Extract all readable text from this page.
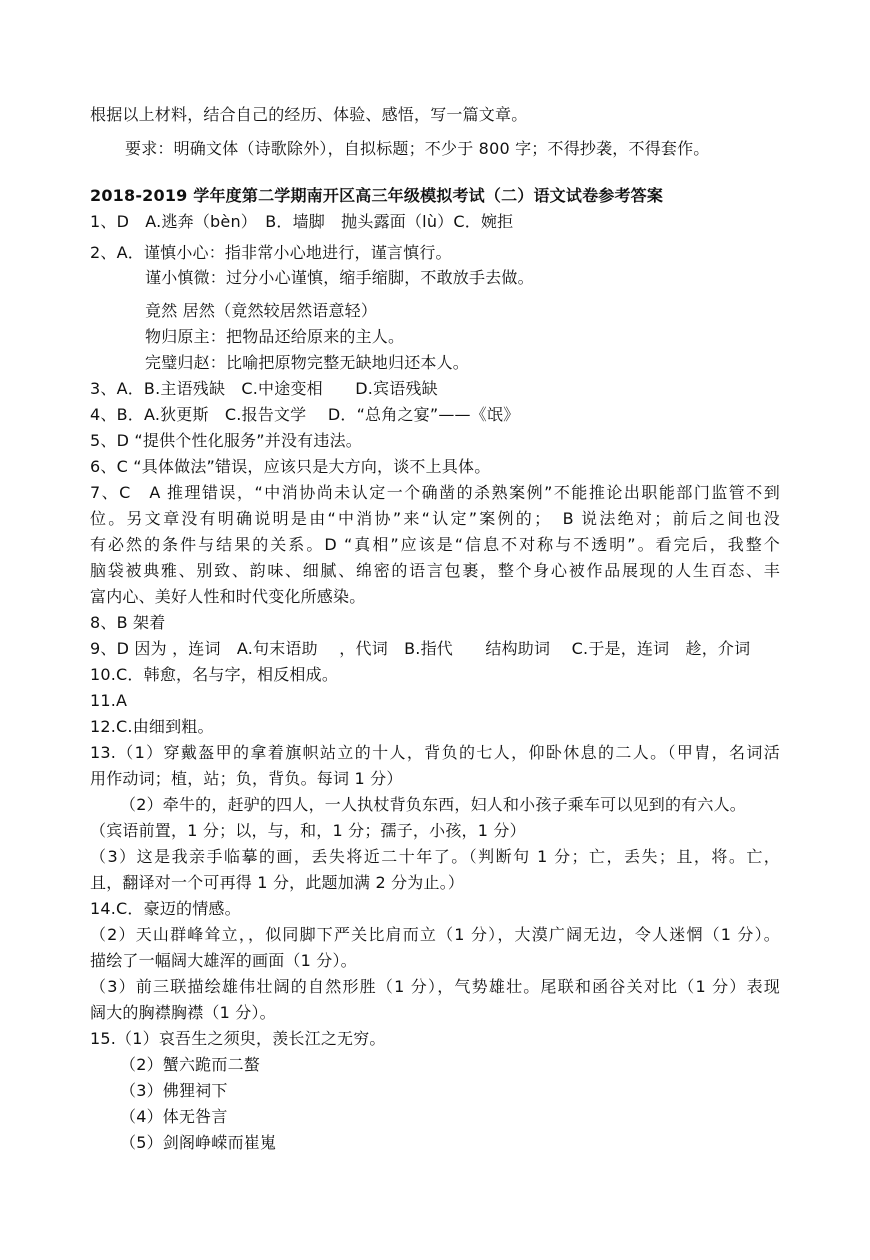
根据以上材料，结合自己的经历、体验、感悟，写一篇文章。
要求：明确文体（诗歌除外），自拟标题；不少于 800 字；不得抄袭，不得套作。
2018-2019 学年度第二学期南开区高三年级模拟考试（二）语文试卷参考答案
1、D　A.逃奔（bèn）　B．墙脚　抛头露面（lù）C．婉拒
2、A．谨慎小心：指非常小心地进行，谨言慎行。
谨小慎微：过分小心谨慎，缩手缩脚，不敢放手去做。
竟然 居然（竟然较居然语意轻）
物归原主：把物品还给原来的主人。
完璧归赵：比喻把原物完整无缺地归还本人。
3、A．B.主语残缺　C.中途变相　　D.宾语残缺
4、B．A.狄更斯　C.报告文学　 D．“总角之宴”——《氓》
5、D “提供个性化服务”并没有违法。
6、C “具体做法”错误，应该只是大方向，谈不上具体。
7、C　A 推理错误，“中消协尚未认定一个确凿的杀熟案例”不能推论出职能部门监管不到
位。另文章没有明确说明是由“中消协”来“认定”案例的；　B 说法绝对；前后之间也没
有必然的条件与结果的关系。D “真相”应该是“信息不对称与不透明”。看完后，我整个
脑袋被典雅、别致、韵味、细腻、绵密的语言包裹，整个身心被作品展现的人生百态、丰
富内心、美好人性和时代变化所感染。
8、B 架着
9、D 因为 ，连词　A.句末语助　 ，代词　B.指代　　结构助词　 C.于是，连词　趁，介词
10.C．韩愈，名与字，相反相成。
11.A
12.C.由细到粗。
13.（1）穿戴盔甲的拿着旗帜站立的十人，背负的七人，仰卧休息的二人。（甲胄，名词活
用作动词；植，站；负，背负。每词 1 分）
（2）牵牛的，赶驴的四人，一人执杖背负东西，妇人和小孩子乘车可以见到的有六人。
（宾语前置，1 分；以，与，和，1 分；孺子，小孩，1 分）
（3）这是我亲手临摹的画，丢失将近二十年了。（判断句 1 分；亡，丢失；且，将。亡，
且，翻译对一个可再得 1 分，此题加满 2 分为止。）
14.C．豪迈的情感。
（2）天山群峰耸立，，似同脚下严关比肩而立（1 分），大漠广阔无边，令人迷惘（1 分）。
描绘了一幅阔大雄浑的画面（1 分）。
（3）前三联描绘雄伟壮阔的自然形胜（1 分），气势雄壮。尾联和函谷关对比（1 分）表现
阔大的胸襟胸襟（1 分）。
15.（1）哀吾生之须臾，羡长江之无穷。
（2）蟹六跪而二螯
（3）佛狸祠下
（4）体无咎言
（5）剑阁峥嵘而崔嵬
